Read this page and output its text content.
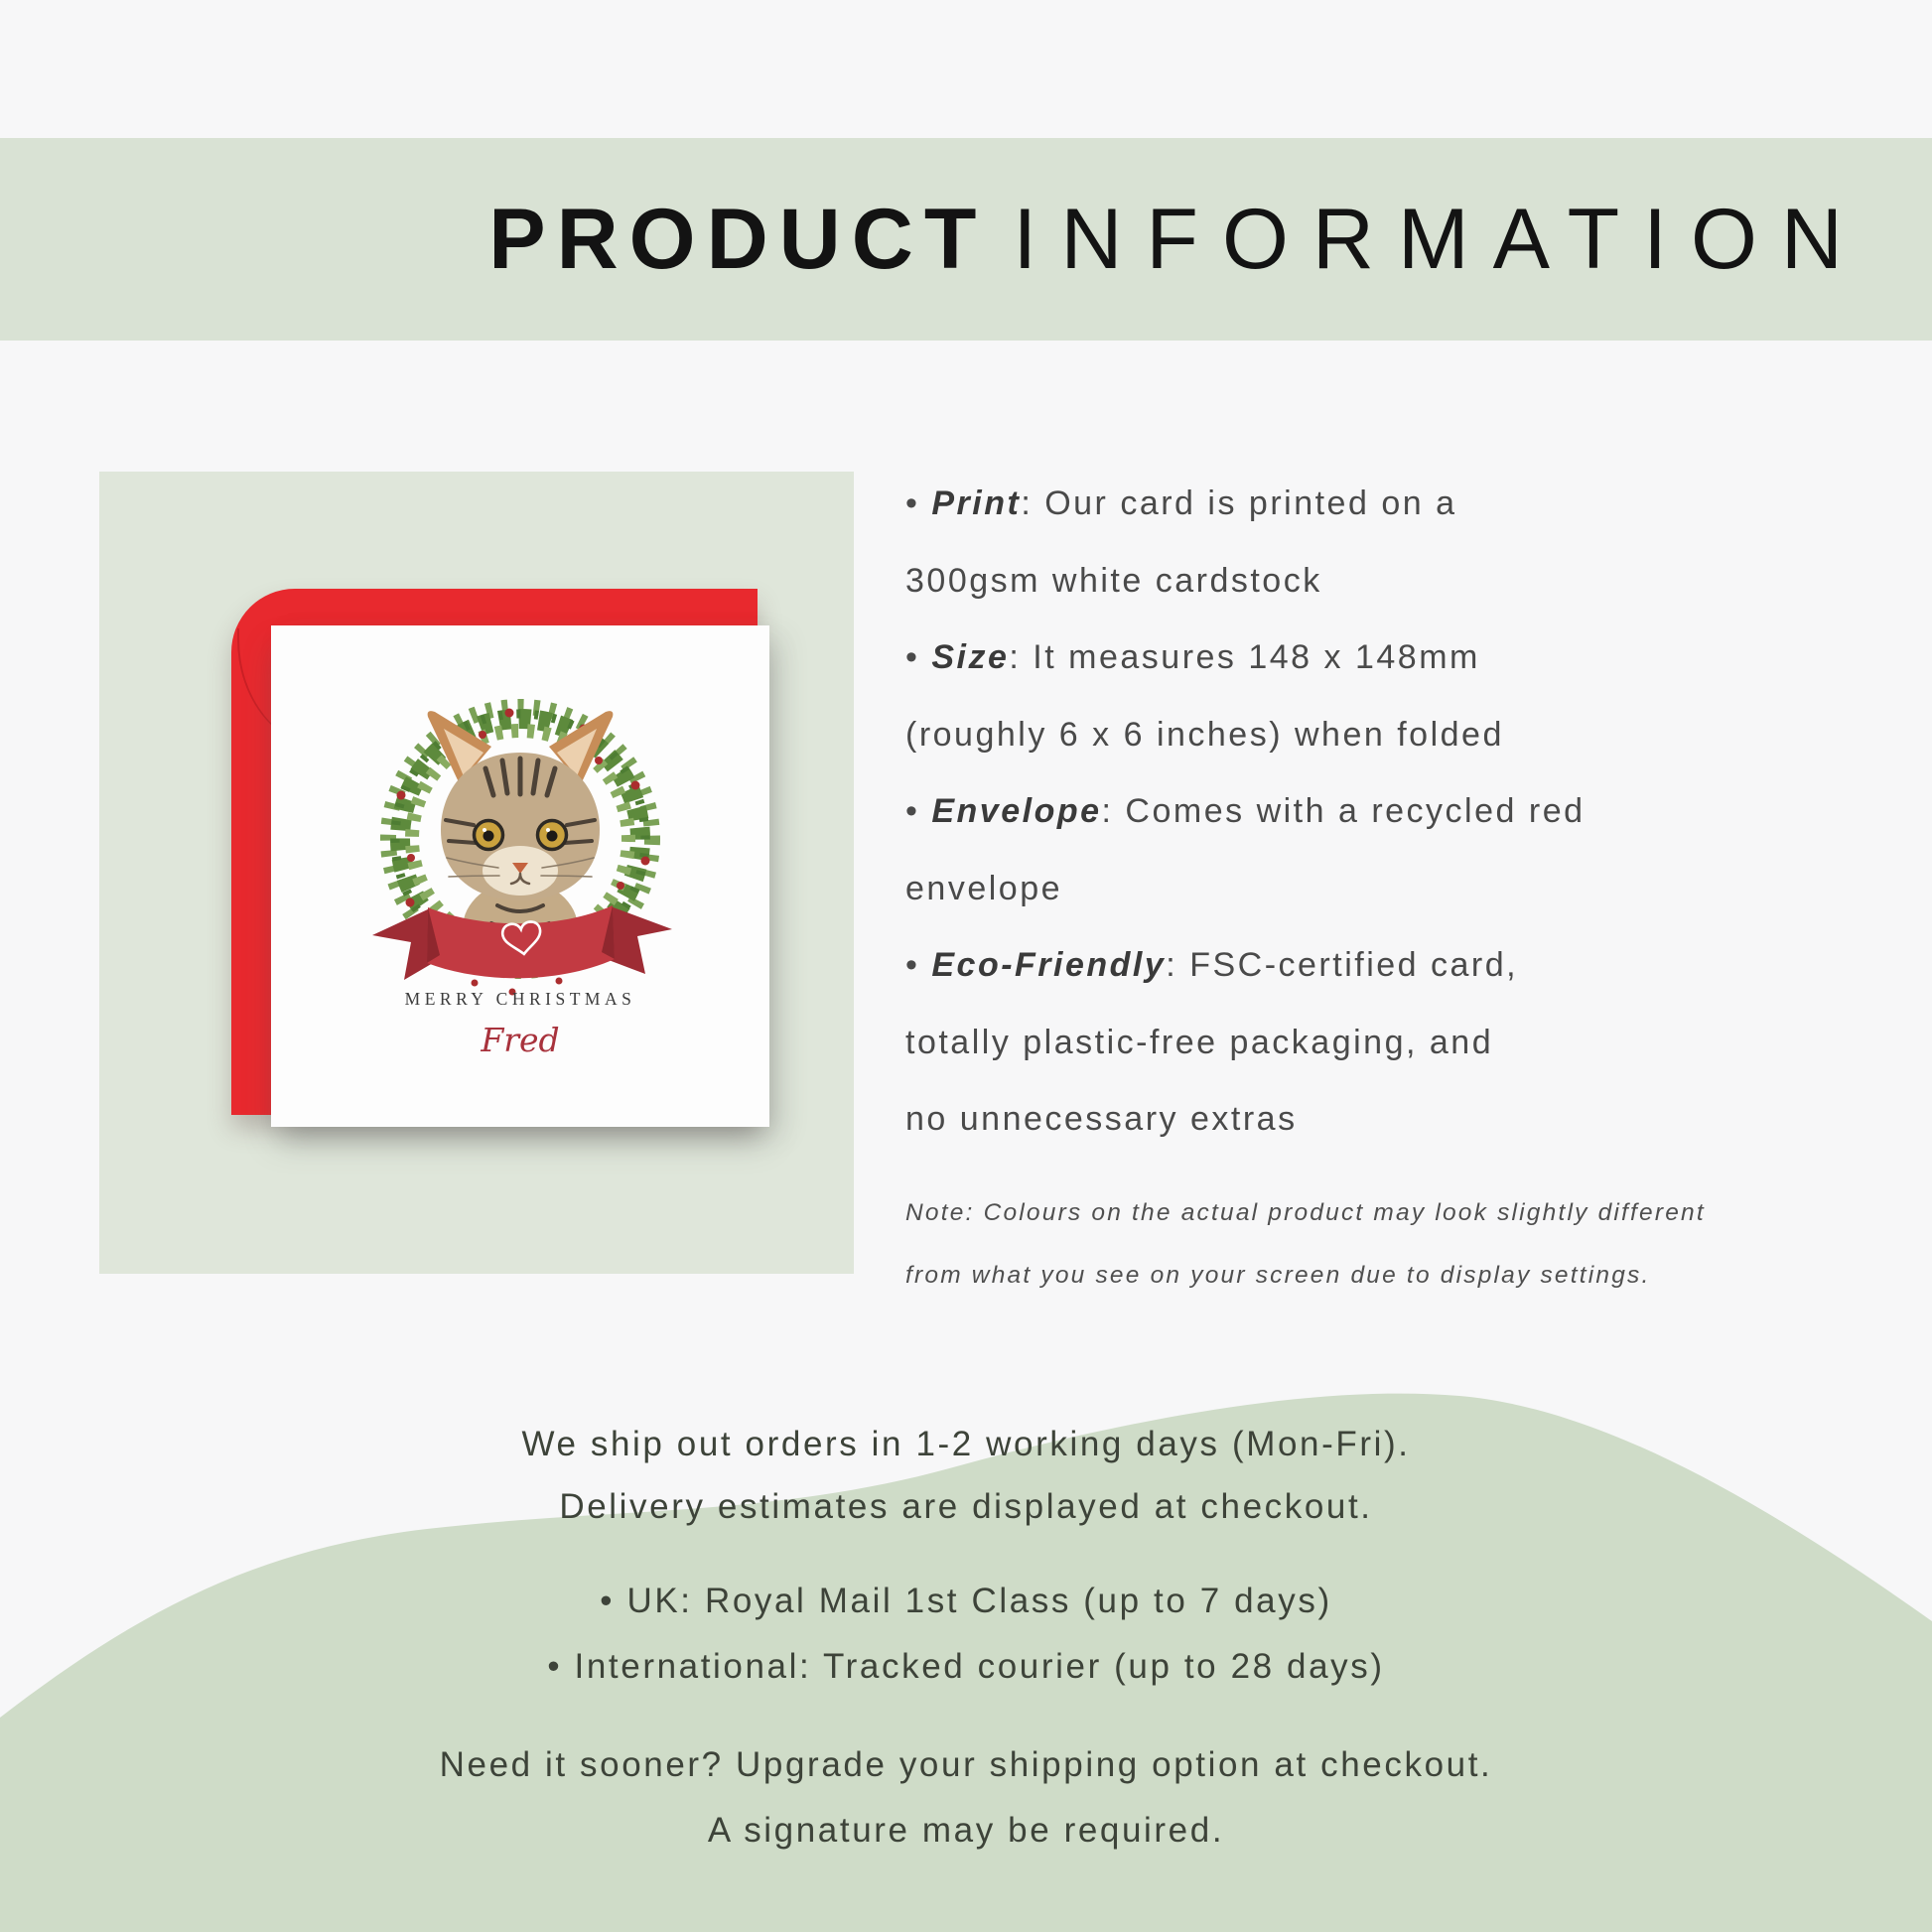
PRODUCT INFORMATION
MERRY CHRISTMAS
Fred

• Print: Our card is printed on a
300gsm white cardstock

• Size: It measures 148 x 148mm
(roughly 6 x 6 inches) when folded

• Envelope: Comes with a recycled red
envelope

• Eco-Friendly: FSC-certified card,
totally plastic-free packaging, and
no unnecessary extras

Note: Colours on the actual product may look slightly different
from what you see on your screen due to display settings.
We ship out orders in 1-2 working days (Mon-Fri).
Delivery estimates are displayed at checkout.
• UK: Royal Mail 1st Class (up to 7 days)
• International: Tracked courier (up to 28 days)
Need it sooner? Upgrade your shipping option at checkout.
A signature may be required.
